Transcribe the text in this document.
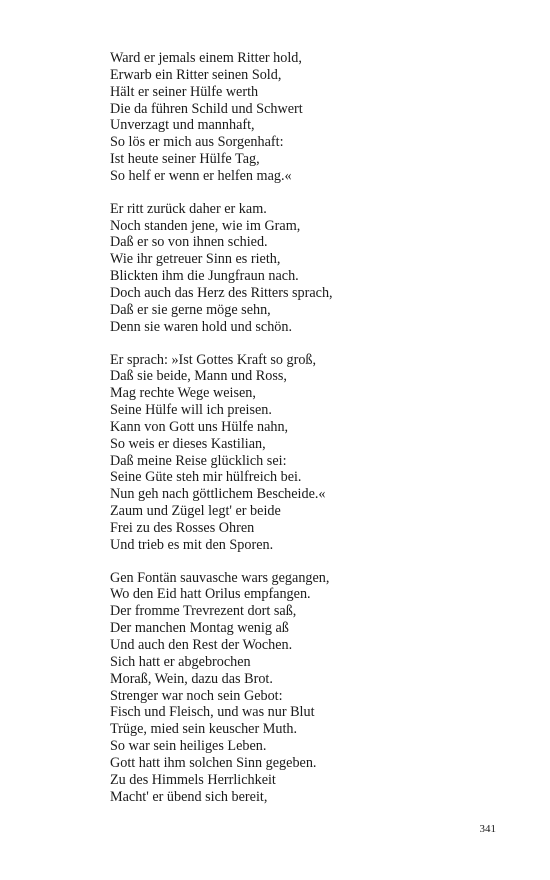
Ward er jemals einem Ritter hold,
Erwarb ein Ritter seinen Sold,
Hält er seiner Hülfe werth
Die da führen Schild und Schwert
Unverzagt und mannhaft,
So lös er mich aus Sorgenhaft:
Ist heute seiner Hülfe Tag,
So helf er wenn er helfen mag.«
Er ritt zurück daher er kam.
Noch standen jene, wie im Gram,
Daß er so von ihnen schied.
Wie ihr getreuer Sinn es rieth,
Blickten ihm die Jungfraun nach.
Doch auch das Herz des Ritters sprach,
Daß er sie gerne möge sehn,
Denn sie waren hold und schön.
Er sprach: »Ist Gottes Kraft so groß,
Daß sie beide, Mann und Ross,
Mag rechte Wege weisen,
Seine Hülfe will ich preisen.
Kann von Gott uns Hülfe nahn,
So weis er dieses Kastilian,
Daß meine Reise glücklich sei:
Seine Güte steh mir hülfreich bei.
Nun geh nach göttlichem Bescheide.«
Zaum und Zügel legt' er beide
Frei zu des Rosses Ohren
Und trieb es mit den Sporen.
Gen Fontän sauvasche wars gegangen,
Wo den Eid hatt Orilus empfangen.
Der fromme Trevrezent dort saß,
Der manchen Montag wenig aß
Und auch den Rest der Wochen.
Sich hatt er abgebrochen
Moraß, Wein, dazu das Brot.
Strenger war noch sein Gebot:
Fisch und Fleisch, und was nur Blut
Trüge, mied sein keuscher Muth.
So war sein heiliges Leben.
Gott hatt ihm solchen Sinn gegeben.
Zu des Himmels Herrlichkeit
Macht' er übend sich bereit,
341
